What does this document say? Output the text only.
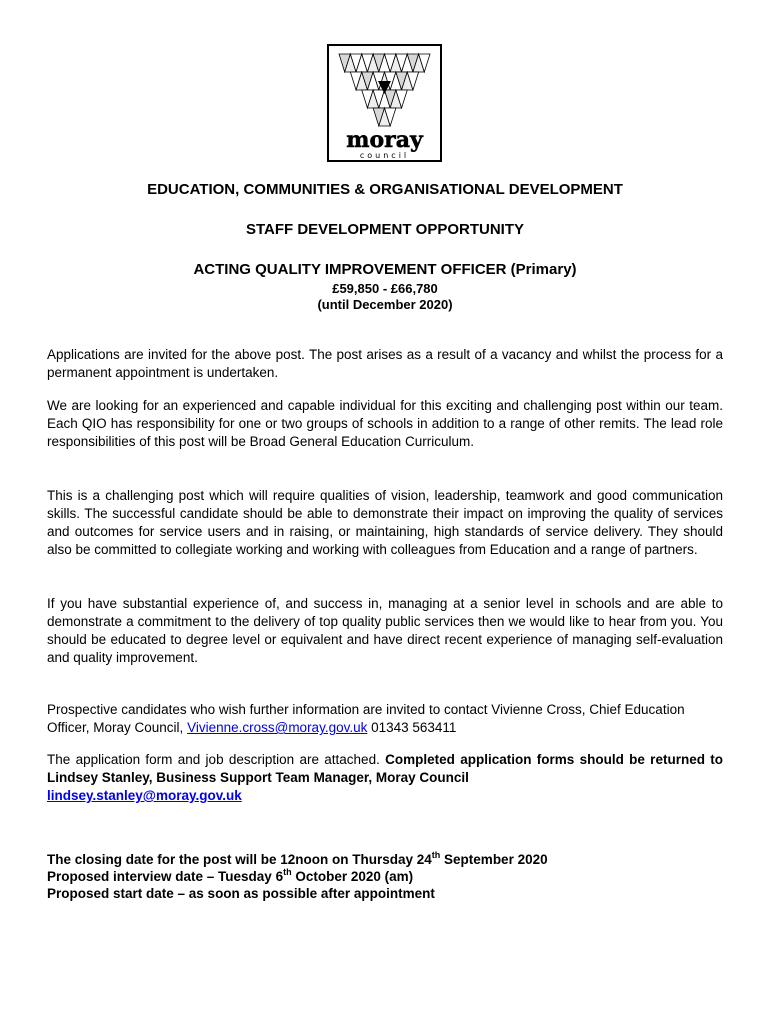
moray
council

EDUCATION, COMMUNITIES & ORGANISATIONAL DEVELOPMENT

STAFF DEVELOPMENT OPPORTUNITY

ACTING QUALITY IMPROVEMENT OFFICER (Primary)

£59,850 - £66,780

(until December 2020)

Applications are invited for the above post. The post arises as a result of a vacancy and whilst the process for a permanent appointment is undertaken.

We are looking for an experienced and capable individual for this exciting and challenging post within our team. Each QIO has responsibility for one or two groups of schools in addition to a range of other remits. The lead role responsibilities of this post will be Broad General Education Curriculum.

This is a challenging post which will require qualities of vision, leadership, teamwork and good communication skills. The successful candidate should be able to demonstrate their impact on improving the quality of services and outcomes for service users and in raising, or maintaining, high standards of service delivery. They should also be committed to collegiate working and working with colleagues from Education and a range of partners.

If you have substantial experience of, and success in, managing at a senior level in schools and are able to demonstrate a commitment to the delivery of top quality public services then we would like to hear from you. You should be educated to degree level or equivalent and have direct recent experience of managing self-evaluation and quality improvement.

Prospective candidates who wish further information are invited to contact Vivienne Cross, Chief Education Officer, Moray Council, Vivienne.cross@moray.gov.uk 01343 563411

The application form and job description are attached. Completed application forms should be returned to Lindsey Stanley, Business Support Team Manager, Moray Council
lindsey.stanley@moray.gov.uk

The closing date for the post will be 12noon on Thursday 24th September 2020

Proposed interview date – Tuesday 6th October 2020 (am)

Proposed start date – as soon as possible after appointment
